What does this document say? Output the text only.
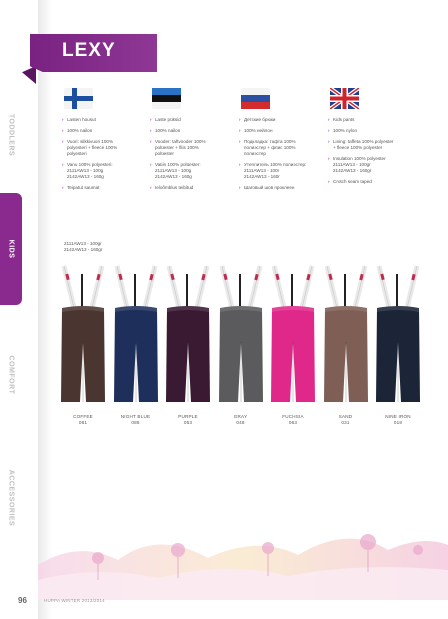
TODDLERS
KIDS
COMFORT
ACCESSORIES
LEXY
› Lasten housut
› 100% nailon
› Vuori: silkkivuori 100%
polyesteri + fleece 100%
polyesteri
› Vanu 100% polyesteri:
2111AW13 - 100g
2142AW13 - 160g
› Teipatut saumat
› Laste püksid
› 100% nailon
› Vooder: taftvooder 100%
polüester + fliis 100%
polüester
› Vatiin 100% polüester:
2111AW13 - 100g
2142AW13 - 160g
› Ieloõmblus teibitud
› Детские брюки
› 100% нейлон
› Подкладка: тафта 100%
полиэстер + флис 100%
полиэстер
› Утеплитель 100% полиэстер:
2111AW13 - 100г
2142AW13 - 160г
› Шаговый шов проклеен
› Kids pants
› 100% nylon
› Lining: taffeta 100% polyester
+ fleece 100% polyester
› Insulation 100% polyester
2111AW13 - 100gr
2142AW13 - 160gr
› Crotch seam taped
2111AW13 - 100gr
2142AW13 - 160gr
COFFEE
081
NIGHT BLUE
086
PURPLE
053
GRAY
048
FUCHSIA
063
SAND
031
NINE IRON
018
96	HUPPA WINTER 2013/2014
